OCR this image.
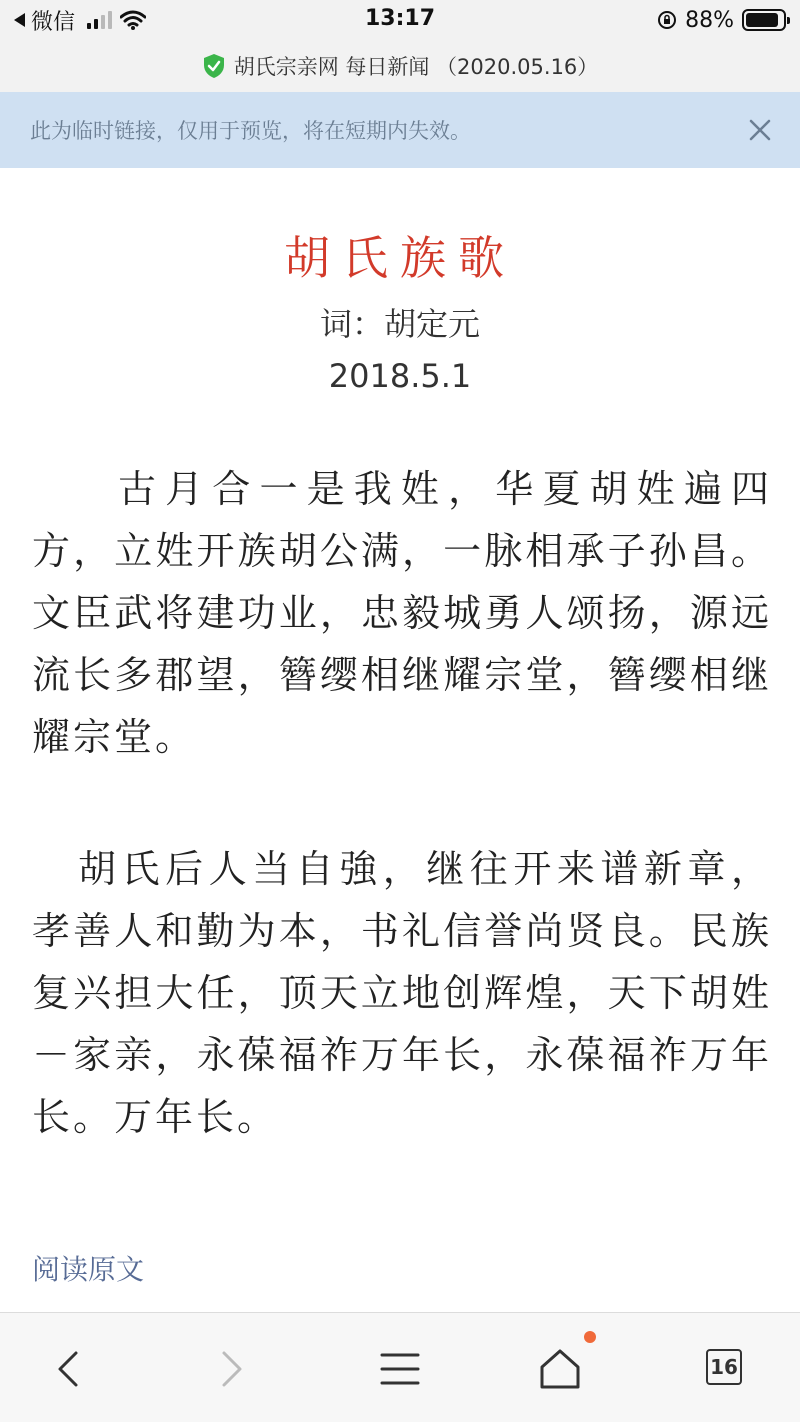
微信	13:17	88%
胡氏宗亲网 每日新闻 （2020.05.16）
此为临时链接，仅用于预览，将在短期内失效。
胡氏族歌
词：胡定元
2018.5.1

古月合一是我姓，华夏胡姓遍四方，立姓开族胡公满，一脉相承子孙昌。文臣武将建功业，忠毅城勇人颂扬，源远流长多郡望，簪缨相继耀宗堂，簪缨相继耀宗堂。

胡氏后人当自強，继往开来谱新章，孝善人和勤为本，书礼信誉尚贤良。民族复兴担大任，顶天立地创辉煌，天下胡姓－家亲，永葆福祚万年长，永葆福祚万年长。万年长。

阅读原文
16
